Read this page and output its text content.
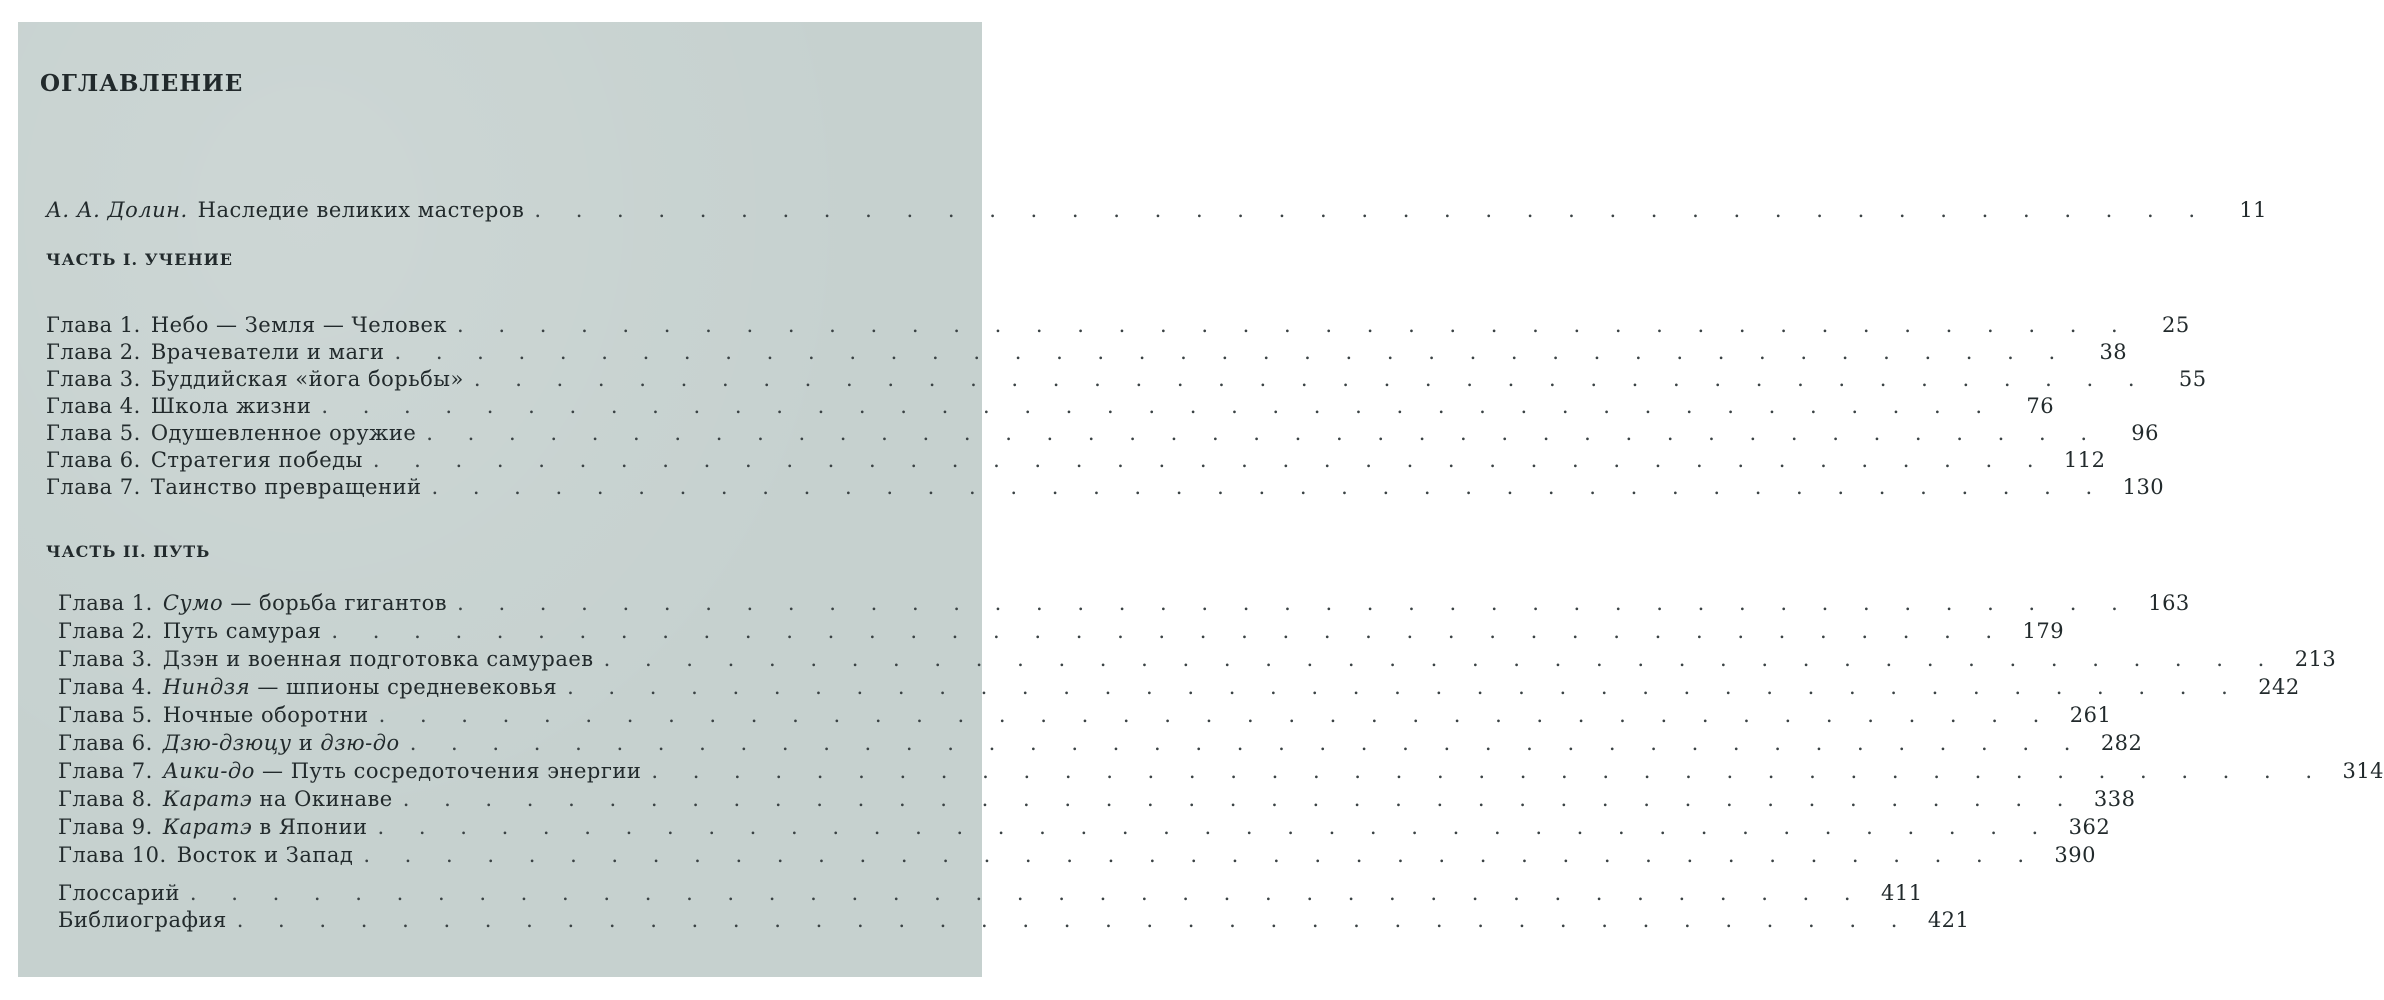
ОГЛАВЛЕНИЕ
А. А. Долин. Наследие великих мастеров . . . . . . . . . . . . . . . . . . . . . . . . . . . . . . . . . . . . . . . . .	11
ЧАСТЬ I. УЧЕНИЕ
Глава 1. Небо — Земля — Человек . . . . . . . . . . . . . . . . . . . . . . . . . . . . . . . . . . . . . . . . .	25
Глава 2. Врачеватели и маги . . . . . . . . . . . . . . . . . . . . . . . . . . . . . . . . . . . . . . . . .	38
Глава 3. Буддийская «йога борьбы» . . . . . . . . . . . . . . . . . . . . . . . . . . . . . . . . . . . . . . . . .	55
Глава 4. Школа жизни . . . . . . . . . . . . . . . . . . . . . . . . . . . . . . . . . . . . . . . . .	76
Глава 5. Одушевленное оружие . . . . . . . . . . . . . . . . . . . . . . . . . . . . . . . . . . . . . . . . .	96
Глава 6. Стратегия победы . . . . . . . . . . . . . . . . . . . . . . . . . . . . . . . . . . . . . . . . . 112
Глава 7. Таинство превращений . . . . . . . . . . . . . . . . . . . . . . . . . . . . . . . . . . . . . . . . . 130
ЧАСТЬ II. ПУТЬ
Глава 1. Сумо — борьба гигантов . . . . . . . . . . . . . . . . . . . . . . . . . . . . . . . . . . . . . . . . . 163
Глава 2. Путь самурая . . . . . . . . . . . . . . . . . . . . . . . . . . . . . . . . . . . . . . . . . 179
Глава 3. Дзэн и военная подготовка самураев . . . . . . . . . . . . . . . . . . . . . . . . . . . . . . . . . . . . . . . . . 213
Глава 4. Ниндзя — шпионы средневековья . . . . . . . . . . . . . . . . . . . . . . . . . . . . . . . . . . . . . . . . . 242
Глава 5. Ночные оборотни . . . . . . . . . . . . . . . . . . . . . . . . . . . . . . . . . . . . . . . . . 261
Глава 6. Дзю-дзюцу и дзю-до . . . . . . . . . . . . . . . . . . . . . . . . . . . . . . . . . . . . . . . . . 282
Глава 7. Аики-до — Путь сосредоточения энергии . . . . . . . . . . . . . . . . . . . . . . . . . . . . . . . . . . . . . . . . . 314
Глава 8. Каратэ на Окинаве . . . . . . . . . . . . . . . . . . . . . . . . . . . . . . . . . . . . . . . . . 338
Глава 9. Каратэ в Японии . . . . . . . . . . . . . . . . . . . . . . . . . . . . . . . . . . . . . . . . . 362
Глава 10. Восток и Запад . . . . . . . . . . . . . . . . . . . . . . . . . . . . . . . . . . . . . . . . . 390
Глоссарий . . . . . . . . . . . . . . . . . . . . . . . . . . . . . . . . . . . . . . . . . 411
Библиография . . . . . . . . . . . . . . . . . . . . . . . . . . . . . . . . . . . . . . . . . 421
